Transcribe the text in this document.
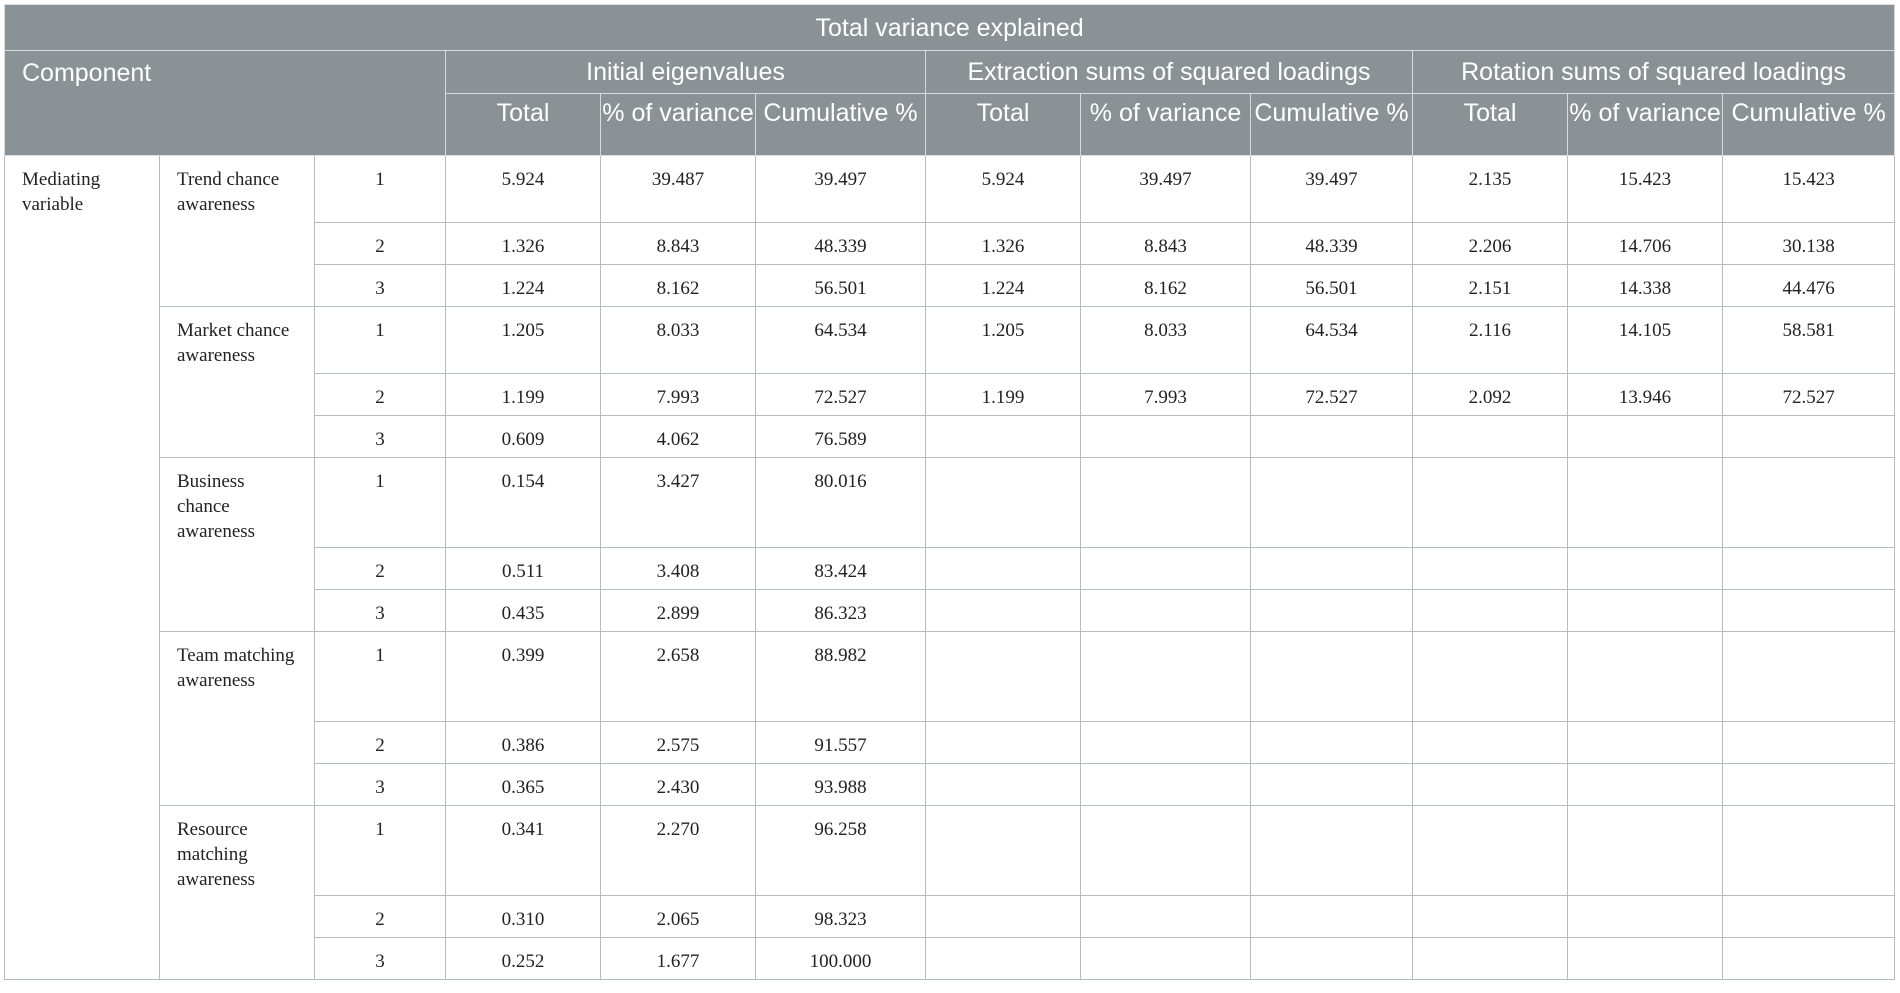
Total variance explained											
Component			Initial eigenvalues			Extraction sums of squared loadings			Rotation sums of squared loadings		
			Total	% of variance	Cumulative %	Total	% of variance	Cumulative %	Total	% of variance	Cumulative %
Mediating variable	Trend chance awareness	1	5.924	39.487	39.497	5.924	39.497	39.497	2.135	15.423	15.423
		2	1.326	8.843	48.339	1.326	8.843	48.339	2.206	14.706	30.138
		3	1.224	8.162	56.501	1.224	8.162	56.501	2.151	14.338	44.476
	Market chance awareness	1	1.205	8.033	64.534	1.205	8.033	64.534	2.116	14.105	58.581
		2	1.199	7.993	72.527	1.199	7.993	72.527	2.092	13.946	72.527
		3	0.609	4.062	76.589						
	Business chance awareness	1	0.154	3.427	80.016						
		2	0.511	3.408	83.424						
		3	0.435	2.899	86.323						
	Team matching awareness	1	0.399	2.658	88.982						
		2	0.386	2.575	91.557						
		3	0.365	2.430	93.988						
	Resource matching awareness	1	0.341	2.270	96.258						
		2	0.310	2.065	98.323						
		3	0.252	1.677	100.000						
